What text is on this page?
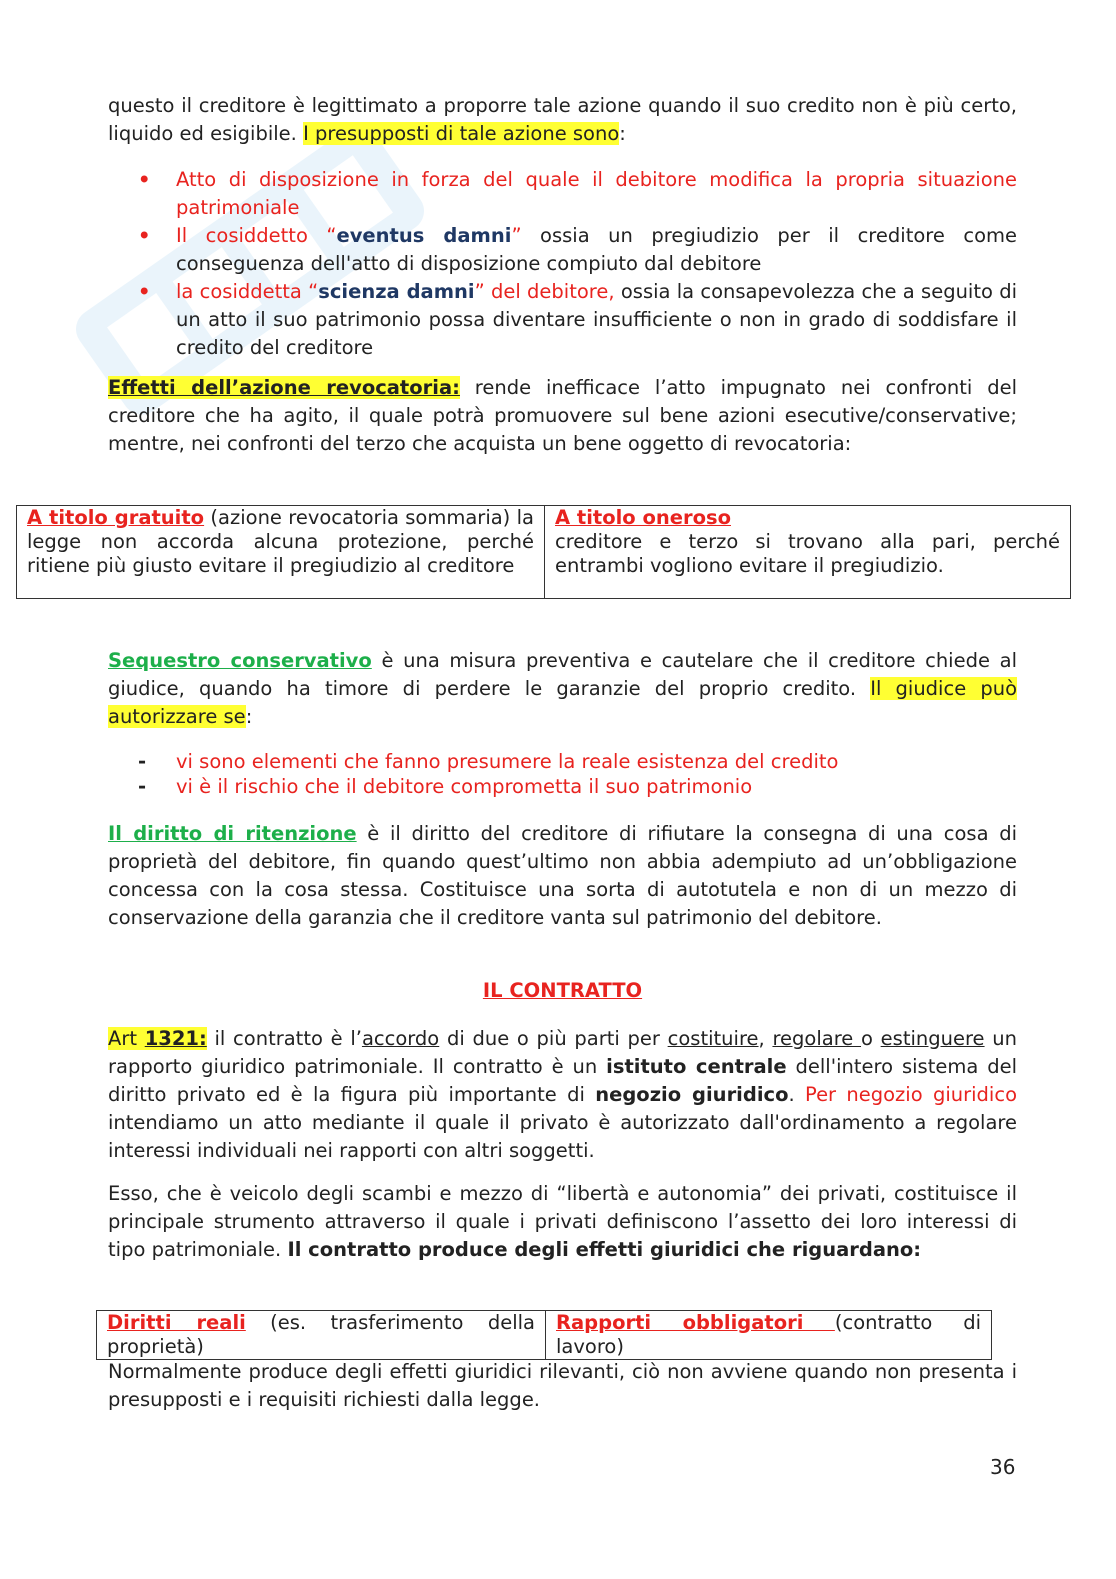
questo il creditore è legittimato a proporre tale azione quando il suo credito non è più certo, liquido ed esigibile. I presupposti di tale azione sono:

• Atto di disposizione in forza del quale il debitore modifica la propria situazione patrimoniale
• Il cosiddetto “eventus damni” ossia un pregiudizio per il creditore come conseguenza dell'atto di disposizione compiuto dal debitore
• la cosiddetta “scienza damni” del debitore, ossia la consapevolezza che a seguito di un atto il suo patrimonio possa diventare insufficiente o non in grado di soddisfare il credito del creditore

Effetti dell’azione revocatoria: rende inefficace l’atto impugnato nei confronti del creditore che ha agito, il quale potrà promuovere sul bene azioni esecutive/conservative; mentre, nei confronti del terzo che acquista un bene oggetto di revocatoria:

A titolo gratuito (azione revocatoria sommaria) la legge non accorda alcuna protezione, perché ritiene più giusto evitare il pregiudizio al creditore	A titolo oneroso
creditore e terzo si trovano alla pari, perché entrambi vogliono evitare il pregiudizio.

Sequestro conservativo è una misura preventiva e cautelare che il creditore chiede al giudice, quando ha timore di perdere le garanzie del proprio credito. Il giudice può autorizzare se:

- vi sono elementi che fanno presumere la reale esistenza del credito
- vi è il rischio che il debitore comprometta il suo patrimonio

Il diritto di ritenzione è il diritto del creditore di rifiutare la consegna di una cosa di proprietà del debitore, fin quando quest’ultimo non abbia adempiuto ad un’obbligazione concessa con la cosa stessa. Costituisce una sorta di autotutela e non di un mezzo di conservazione della garanzia che il creditore vanta sul patrimonio del debitore.

IL CONTRATTO

Art 1321: il contratto è l’accordo di due o più parti per costituire, regolare o estinguere un rapporto giuridico patrimoniale. Il contratto è un istituto centrale dell'intero sistema del diritto privato ed è la figura più importante di negozio giuridico. Per negozio giuridico intendiamo un atto mediante il quale il privato è autorizzato dall'ordinamento a regolare interessi individuali nei rapporti con altri soggetti.

Esso, che è veicolo degli scambi e mezzo di “libertà e autonomia” dei privati, costituisce il principale strumento attraverso il quale i privati definiscono l’assetto dei loro interessi di tipo patrimoniale. Il contratto produce degli effetti giuridici che riguardano:

Diritti reali (es. trasferimento della proprietà)	Rapporti obbligatori (contratto di lavoro)

Normalmente produce degli effetti giuridici rilevanti, ciò non avviene quando non presenta i presupposti e i requisiti richiesti dalla legge.

36
